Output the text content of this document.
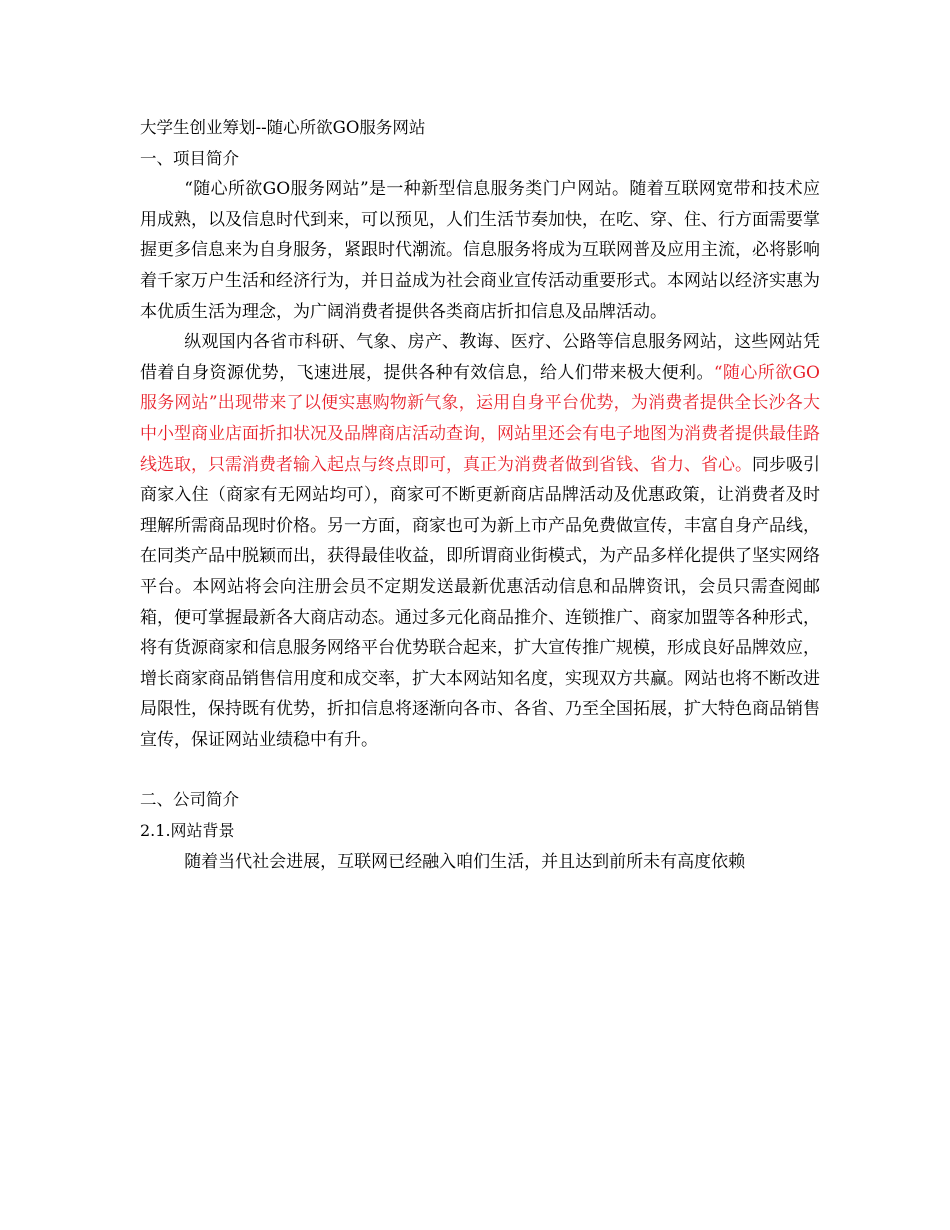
大学生创业筹划--随心所欲GO服务网站

一、项目简介

“随心所欲GO服务网站”是一种新型信息服务类门户网站。随着互联网宽带和技术应用成熟，以及信息时代到来，可以预见，人们生活节奏加快，在吃、穿、住、行方面需要掌握更多信息来为自身服务，紧跟时代潮流。信息服务将成为互联网普及应用主流，必将影响着千家万户生活和经济行为，并日益成为社会商业宣传活动重要形式。本网站以经济实惠为本优质生活为理念，为广阔消费者提供各类商店折扣信息及品牌活动。

纵观国内各省市科研、气象、房产、教诲、医疗、公路等信息服务网站，这些网站凭借着自身资源优势，飞速进展，提供各种有效信息，给人们带来极大便利。“随心所欲GO服务网站”出现带来了以便实惠购物新气象，运用自身平台优势，为消费者提供全长沙各大中小型商业店面折扣状况及品牌商店活动查询，网站里还会有电子地图为消费者提供最佳路线选取，只需消费者输入起点与终点即可，真正为消费者做到省钱、省力、省心。同步吸引商家入住（商家有无网站均可），商家可不断更新商店品牌活动及优惠政策，让消费者及时理解所需商品现时价格。另一方面，商家也可为新上市产品免费做宣传，丰富自身产品线，在同类产品中脱颖而出，获得最佳收益，即所谓商业街模式，为产品多样化提供了坚实网络平台。本网站将会向注册会员不定期发送最新优惠活动信息和品牌资讯，会员只需查阅邮箱，便可掌握最新各大商店动态。通过多元化商品推介、连锁推广、商家加盟等各种形式，将有货源商家和信息服务网络平台优势联合起来，扩大宣传推广规模，形成良好品牌效应，增长商家商品销售信用度和成交率，扩大本网站知名度，实现双方共赢。网站也将不断改进局限性，保持既有优势，折扣信息将逐渐向各市、各省、乃至全国拓展，扩大特色商品销售宣传，保证网站业绩稳中有升。

二、公司简介

2.1.网站背景

随着当代社会进展，互联网已经融入咱们生活，并且达到前所未有高度依赖
